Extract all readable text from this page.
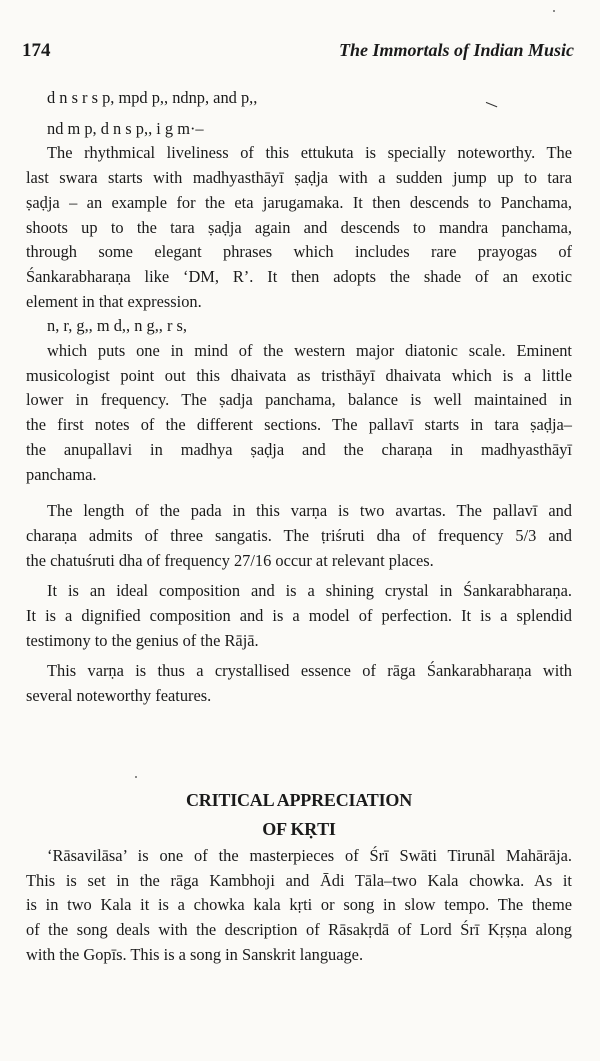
174	The Immortals of Indian Music
d n s r s p, mpd p,, ndnp, and p,,
nd m p, d n s p,, i g m·–
The rhythmical liveliness of this ettukuta is specially noteworthy. The
last swara starts with madhyasthāyī ṣaḍja with a sudden jump up to tara
ṣaḍja – an example for the eta jarugamaka. It then descends to Panchama,
shoots up to the tara ṣaḍja again and descends to mandra panchama,
through some elegant phrases which includes rare prayogas of
Śankarabharaṇa like ‘DM, R’. It then adopts the shade of an exotic
element in that expression.
n, r, g,, m d,, n g,, r s,
which puts one in mind of the western major diatonic scale. Eminent
musicologist point out this dhaivata as tristhāyī dhaivata which is a little
lower in frequency. The ṣadja panchama, balance is well maintained in
the first notes of the different sections. The pallavī starts in tara ṣaḍja–
the anupallavi in madhya ṣaḍja and the charaṇa in madhyasthāyī
panchama.
The length of the pada in this varṇa is two avartas. The pallavī and
charaṇa admits of three sangatis. The ṭriśruti dha of frequency 5/3 and
the chatuśruti dha of frequency 27/16 occur at relevant places.
It is an ideal composition and is a shining crystal in Śankarabharaṇa.
It is a dignified composition and is a model of perfection. It is a splendid
testimony to the genius of the Rājā.
This varṇa is thus a crystallised essence of rāga Śankarabharaṇa with
several noteworthy features.
CRITICAL APPRECIATION
OF KṚTI
‘Rāsavilāsa’ is one of the masterpieces of Śrī Swāti Tirunāl Mahārāja.
This is set in the rāga Kambhoji and Ādi Tāla–two Kala chowka. As it
is in two Kala it is a chowka kala kṛti or song in slow tempo. The theme
of the song deals with the description of Rāsakṛdā of Lord Śrī Kṛṣṇa along
with the Gopīs. This is a song in Sanskrit language.
